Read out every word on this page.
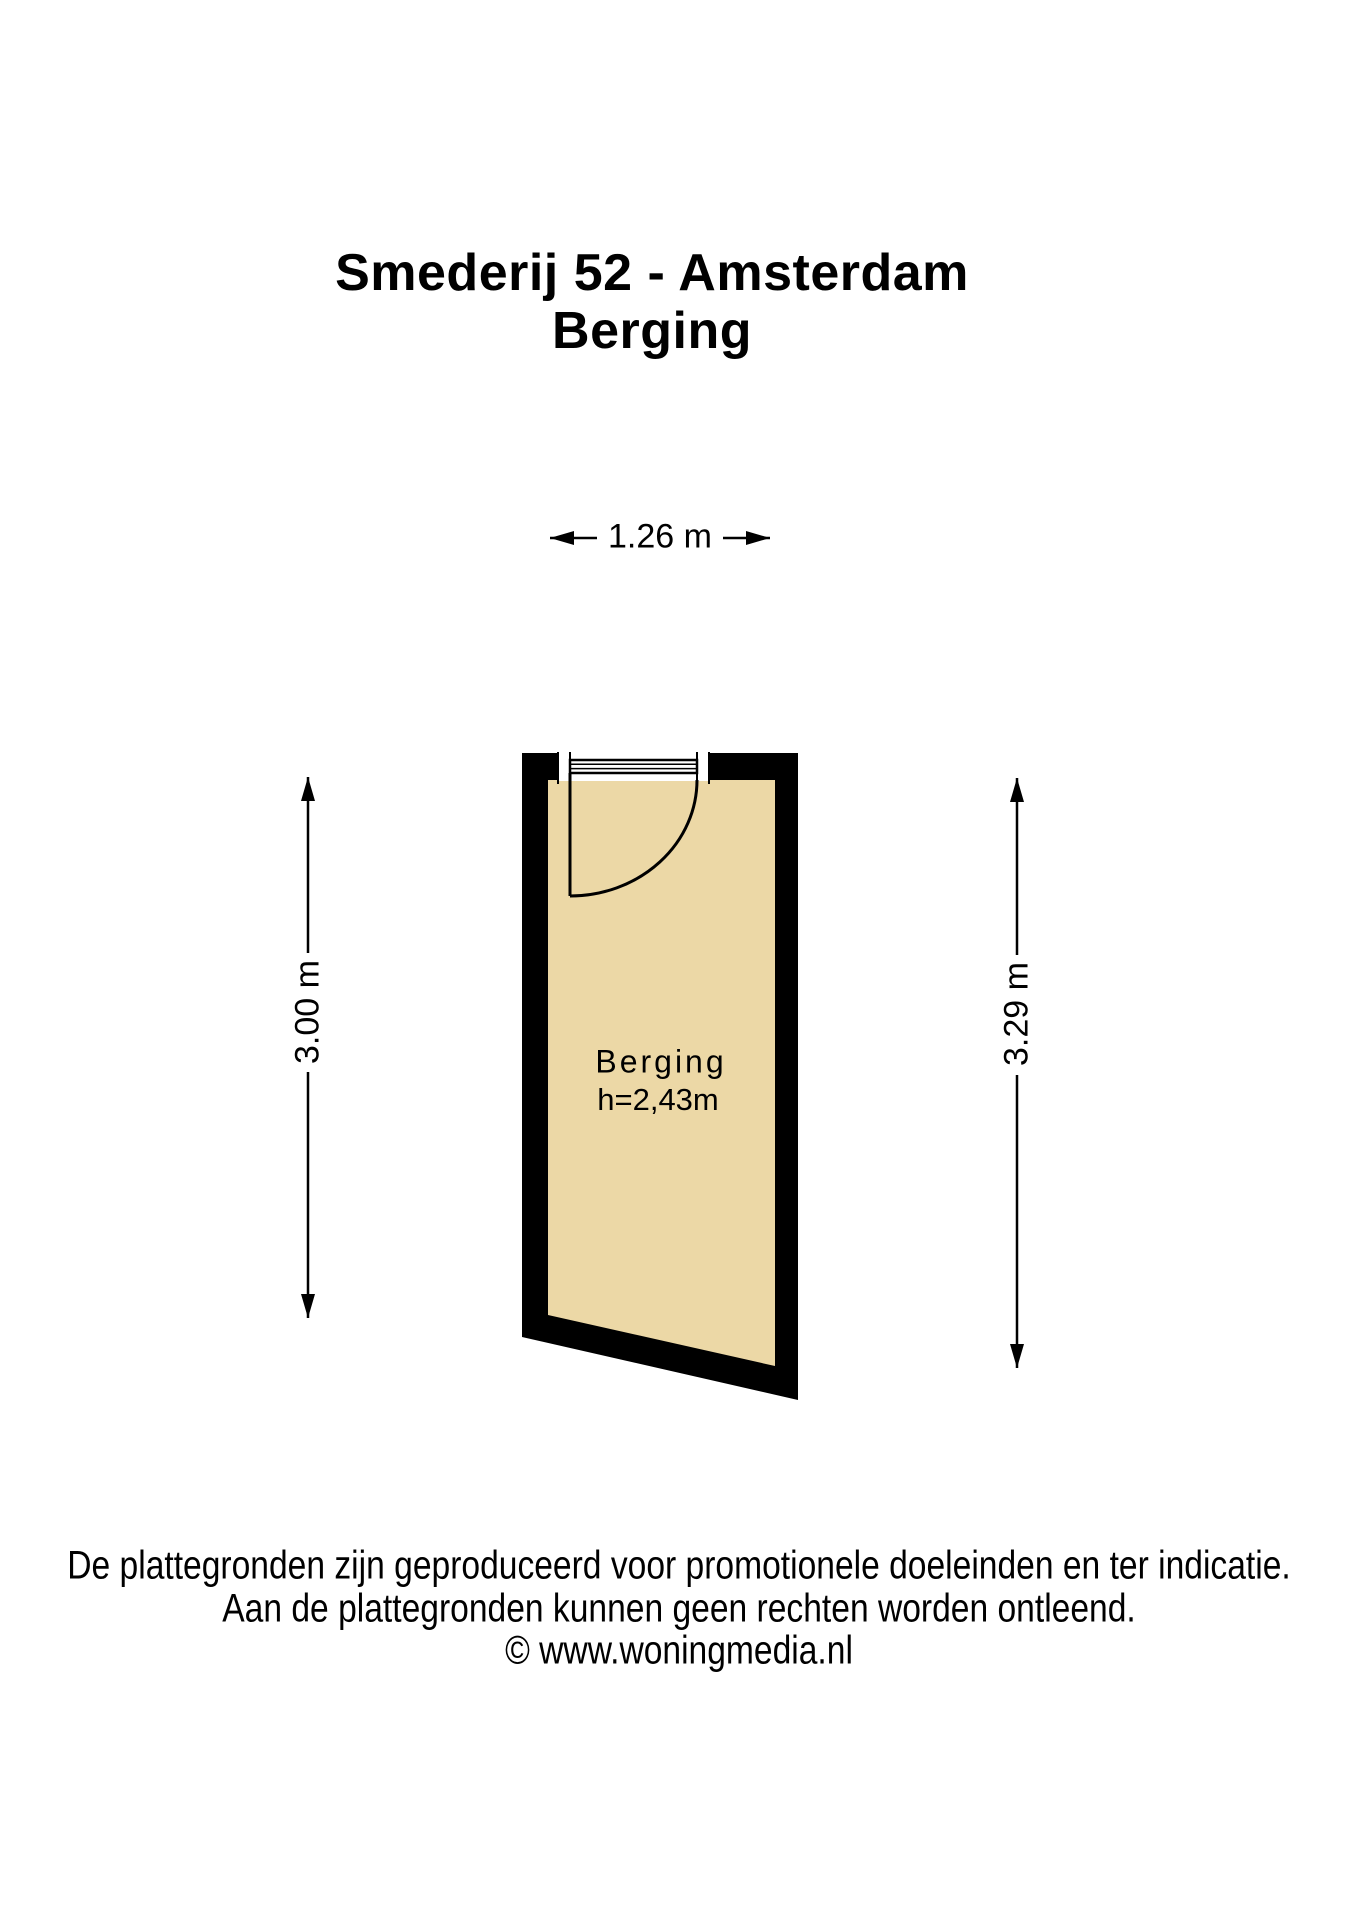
Smederij 52 - Amsterdam
Berging
1.26 m
3.00 m	3.29 m
Berging
h=2,43m
De plattegronden zijn geproduceerd voor promotionele doeleinden en ter indicatie.
Aan de plattegronden kunnen geen rechten worden ontleend.
© www.woningmedia.nl
